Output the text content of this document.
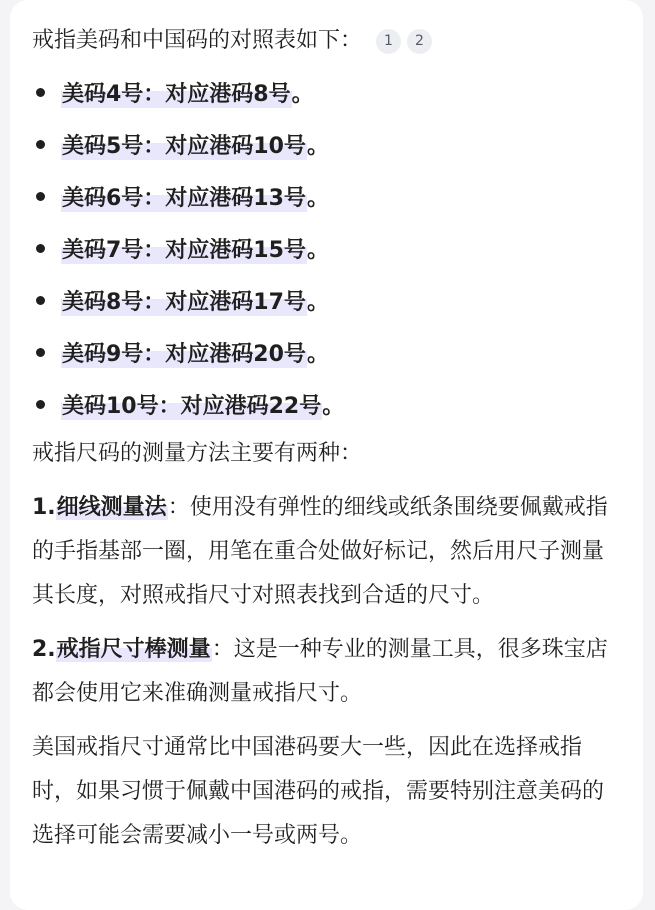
戒指美码和中国码的对照表如下：	1	2
美码4号：对应港码8号 。
美码5号：对应港码10号 。
美码6号：对应港码13号 。
美码7号：对应港码15号 。
美码8号：对应港码17号 。
美码9号：对应港码20号 。
美码10号：对应港码22号 。

戒指尺码的测量方法主要有两种：

1.细线测量法：使用没有弹性的细线或纸条围绕要佩戴戒指的手指基部一圈，用笔在重合处做好标记，然后用尺子测量其长度，对照戒指尺寸对照表找到合适的尺寸。

2.戒指尺寸棒测量：这是一种专业的测量工具，很多珠宝店都会使用它来准确测量戒指尺寸。

美国戒指尺寸通常比中国港码要大一些，因此在选择戒指时，如果习惯于佩戴中国港码的戒指，需要特别注意美码的选择可能会需要减小一号或两号。
